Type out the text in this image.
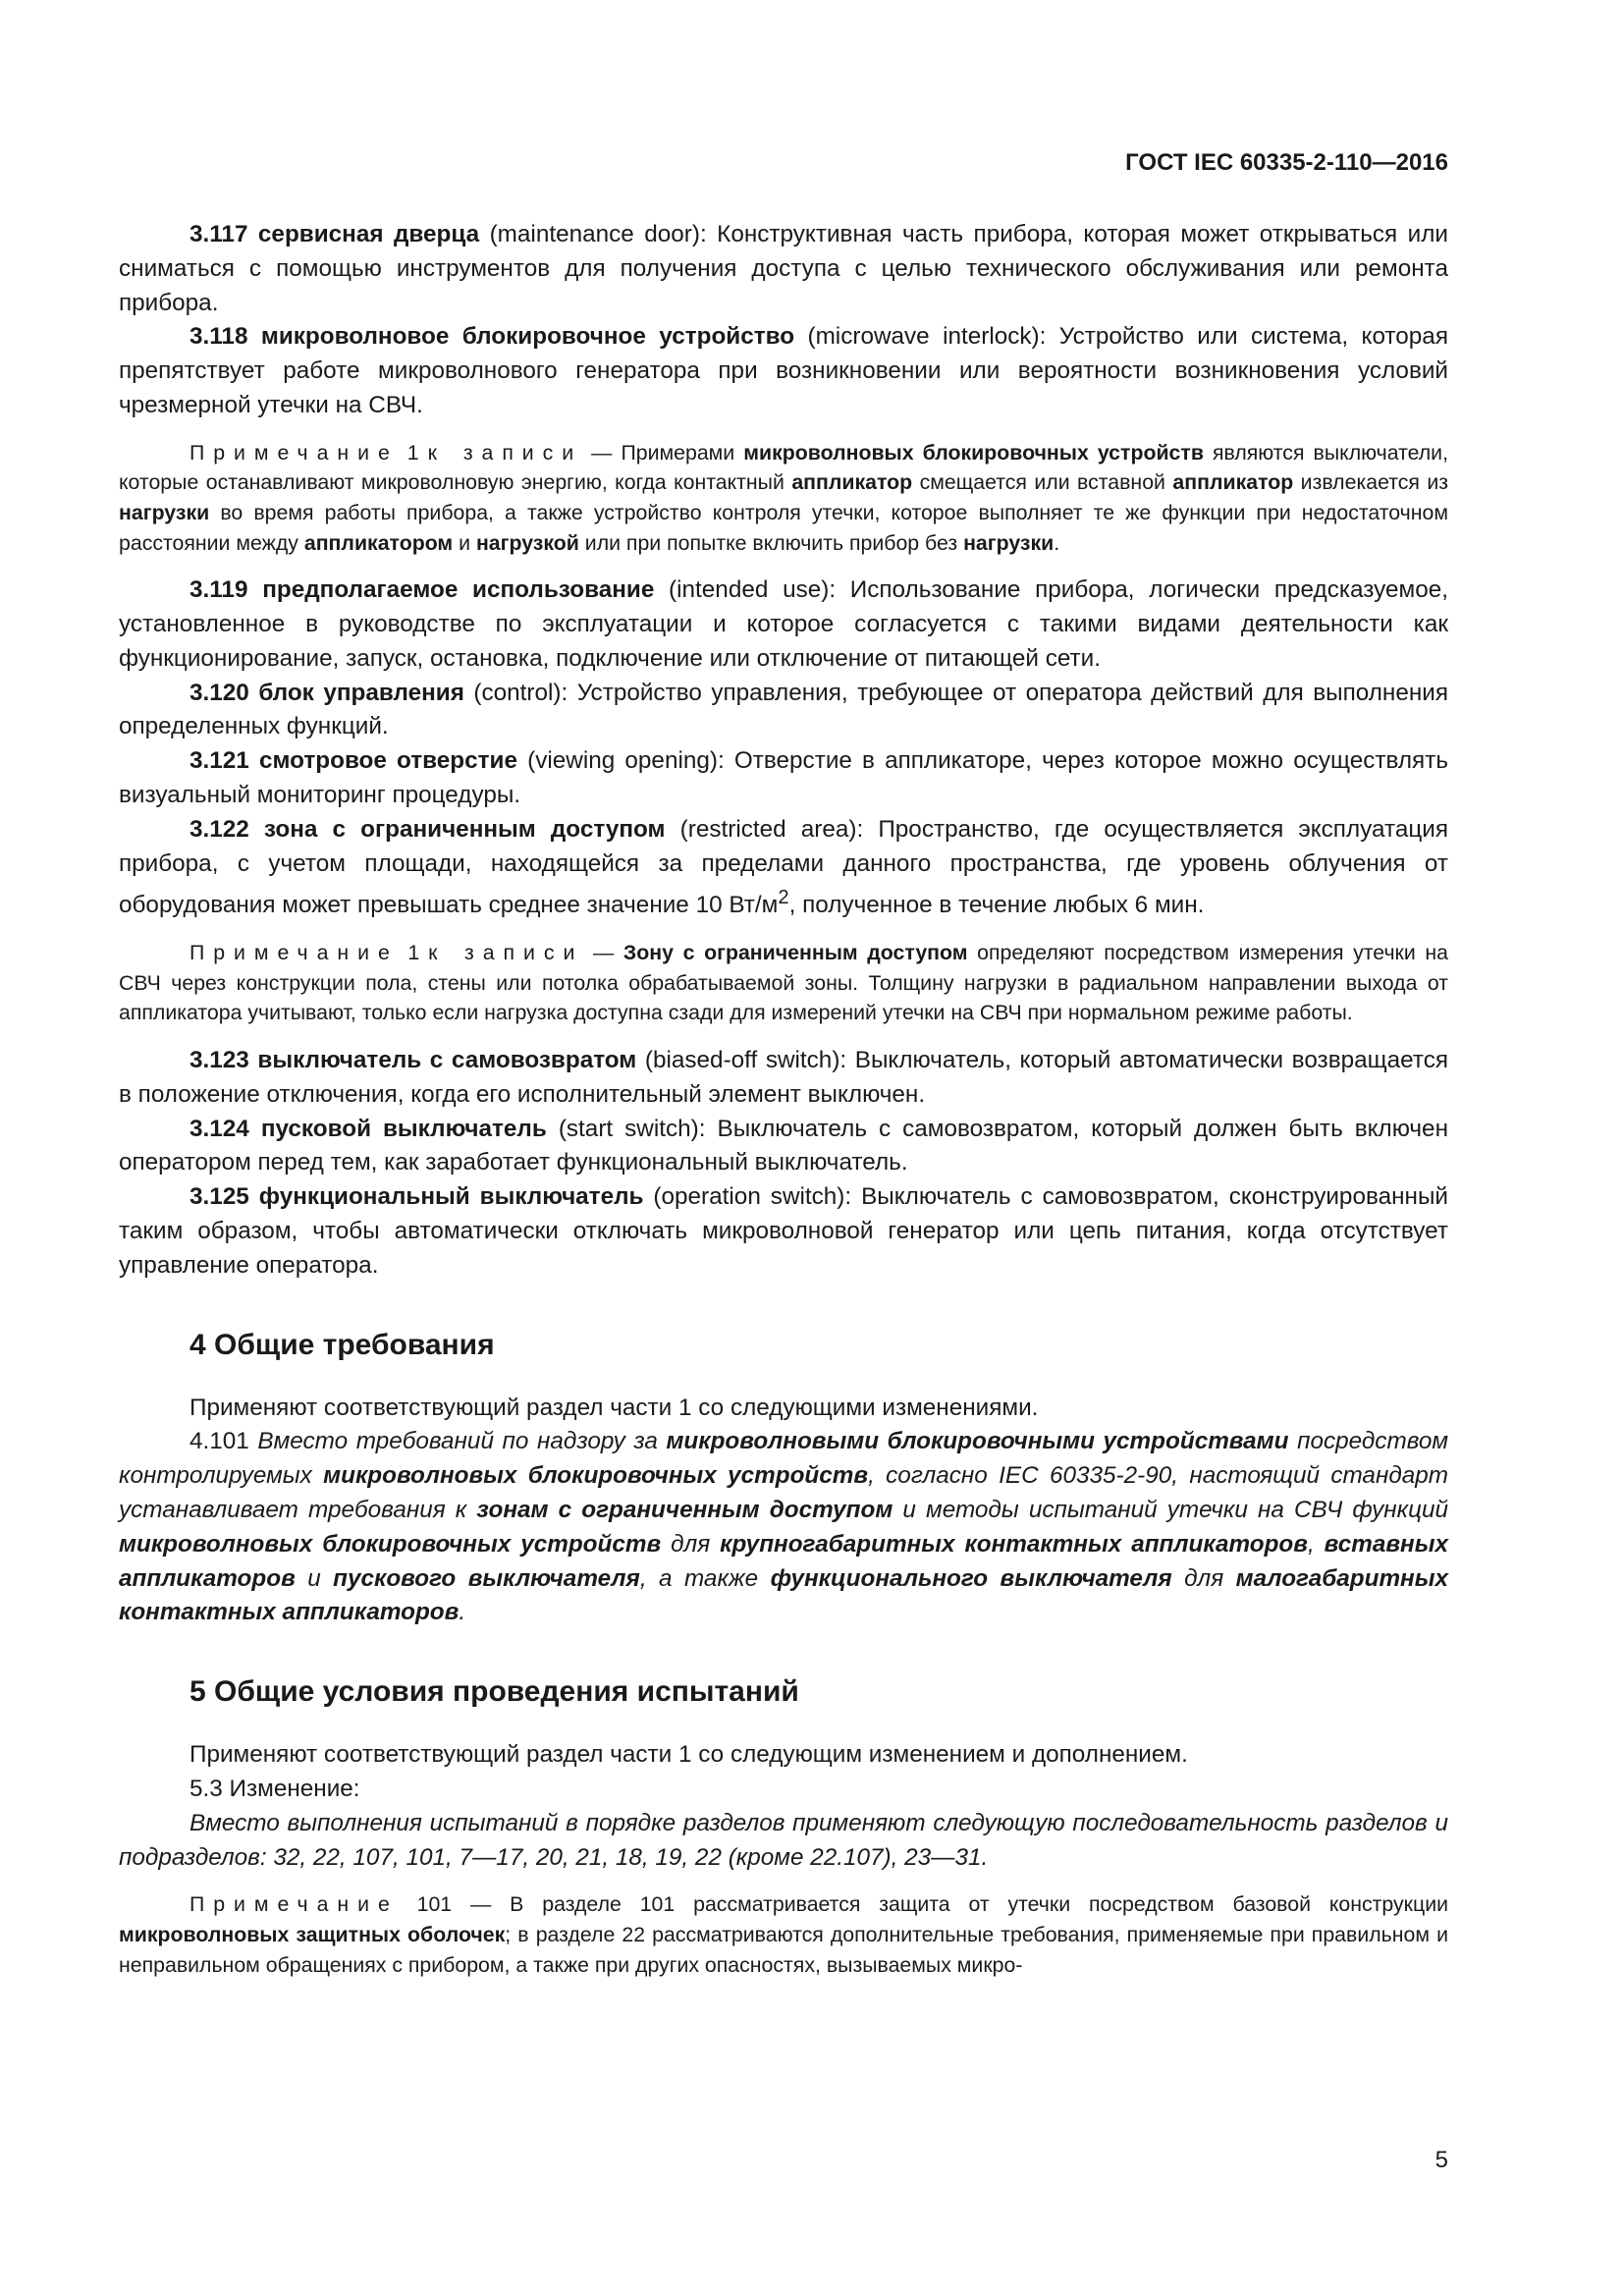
ГОСТ IEC 60335-2-110—2016

3.117 сервисная дверца (maintenance door): Конструктивная часть прибора, которая может открываться или сниматься с помощью инструментов для получения доступа с целью технического обслуживания или ремонта прибора.

3.118 микроволновое блокировочное устройство (microwave interlock): Устройство или система, которая препятствует работе микроволнового генератора при возникновении или вероятности возникновения условий чрезмерной утечки на СВЧ.

Примечание 1к записи — Примерами микроволновых блокировочных устройств являются выключатели, которые останавливают микроволновую энергию, когда контактный аппликатор смещается или вставной аппликатор извлекается из нагрузки во время работы прибора, а также устройство контроля утечки, которое выполняет те же функции при недостаточном расстоянии между аппликатором и нагрузкой или при попытке включить прибор без нагрузки.

3.119 предполагаемое использование (intended use): Использование прибора, логически предсказуемое, установленное в руководстве по эксплуатации и которое согласуется с такими видами деятельности как функционирование, запуск, остановка, подключение или отключение от питающей сети.

3.120 блок управления (control): Устройство управления, требующее от оператора действий для выполнения определенных функций.

3.121 смотровое отверстие (viewing opening): Отверстие в аппликаторе, через которое можно осуществлять визуальный мониторинг процедуры.

3.122 зона с ограниченным доступом (restricted area): Пространство, где осуществляется эксплуатация прибора, с учетом площади, находящейся за пределами данного пространства, где уровень облучения от оборудования может превышать среднее значение 10 $Вт/м^2$, полученное в течение любых 6 мин.

Примечание 1к записи — Зону с ограниченным доступом определяют посредством измерения утечки на СВЧ через конструкции пола, стены или потолка обрабатываемой зоны. Толщину нагрузки в радиальном направлении выхода от аппликатора учитывают, только если нагрузка доступна сзади для измерений утечки на СВЧ при нормальном режиме работы.

3.123 выключатель с самовозвратом (biased-off switch): Выключатель, который автоматически возвращается в положение отключения, когда его исполнительный элемент выключен.

3.124 пусковой выключатель (start switch): Выключатель с самовозвратом, который должен быть включен оператором перед тем, как заработает функциональный выключатель.

3.125 функциональный выключатель (operation switch): Выключатель с самовозвратом, сконструированный таким образом, чтобы автоматически отключать микроволновой генератор или цепь питания, когда отсутствует управление оператора.

4 Общие требования

Применяют соответствующий раздел части 1 со следующими изменениями.

4.101 Вместо требований по надзору за микроволновыми блокировочными устройствами посредством контролируемых микроволновых блокировочных устройств, согласно IEC 60335-2-90, настоящий стандарт устанавливает требования к зонам с ограниченным доступом и методы испытаний утечки на СВЧ функций микроволновых блокировочных устройств для крупногабаритных контактных аппликаторов, вставных аппликаторов и пускового выключателя, а также функционального выключателя для малогабаритных контактных аппликаторов.

5 Общие условия проведения испытаний

Применяют соответствующий раздел части 1 со следующим изменением и дополнением.

5.3 Изменение:

Вместо выполнения испытаний в порядке разделов применяют следующую последовательность разделов и подразделов: 32, 22, 107, 101, 7—17, 20, 21, 18, 19, 22 (кроме 22.107), 23—31.

Примечание 101 — В разделе 101 рассматривается защита от утечки посредством базовой конструкции микроволновых защитных оболочек; в разделе 22 рассматриваются дополнительные требования, применяемые при правильном и неправильном обращениях с прибором, а также при других опасностях, вызываемых микро-

5
